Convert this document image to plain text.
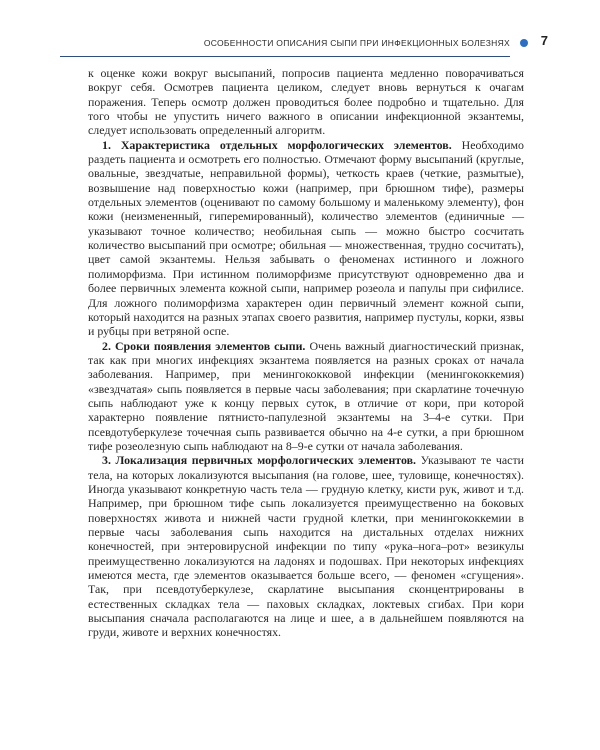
ОСОБЕННОСТИ ОПИСАНИЯ СЫПИ ПРИ ИНФЕКЦИОННЫХ БОЛЕЗНЯХ 7

к оценке кожи вокруг высыпаний, попросив пациента медленно поворачиваться вокруг себя. Осмотрев пациента целиком, следует вновь вернуться к очагам поражения. Теперь осмотр должен проводиться более подробно и тщательно. Для того чтобы не упустить ничего важного в описании инфекционной экзантемы, следует использовать определенный алгоритм.

1. Характеристика отдельных морфологических элементов. Необходимо раздеть пациента и осмотреть его полностью. Отмечают форму высыпаний (круглые, овальные, звездчатые, неправильной формы), четкость краев (четкие, размытые), возвышение над поверхностью кожи (например, при брюшном тифе), размеры отдельных элементов (оценивают по самому большому и маленькому элементу), фон кожи (неизмененный, гиперемированный), количество элементов (единичные — указывают точное количество; необильная сыпь — можно быстро сосчитать количество высыпаний при осмотре; обильная — множественная, трудно сосчитать), цвет самой экзантемы. Нельзя забывать о феноменах истинного и ложного полиморфизма. При истинном полиморфизме присутствуют одновременно два и более первичных элемента кожной сыпи, например розеола и папулы при сифилисе. Для ложного полиморфизма характерен один первичный элемент кожной сыпи, который находится на разных этапах своего развития, например пустулы, корки, язвы и рубцы при ветряной оспе.

2. Сроки появления элементов сыпи. Очень важный диагностический признак, так как при многих инфекциях экзантема появляется на разных сроках от начала заболевания. Например, при менингококковой инфекции (менингококкемия) «звездчатая» сыпь появляется в первые часы заболевания; при скарлатине точечную сыпь наблюдают уже к концу первых суток, в отличие от кори, при которой характерно появление пятнисто-папулезной экзантемы на 3–4-е сутки. При псевдотуберкулезе точечная сыпь развивается обычно на 4-е сутки, а при брюшном тифе розеолезную сыпь наблюдают на 8–9-е сутки от начала заболевания.

3. Локализация первичных морфологических элементов. Указывают те части тела, на которых локализуются высыпания (на голове, шее, туловище, конечностях). Иногда указывают конкретную часть тела — грудную клетку, кисти рук, живот и т.д. Например, при брюшном тифе сыпь локализуется преимущественно на боковых поверхностях живота и нижней части грудной клетки, при менингококкемии в первые часы заболевания сыпь находится на дистальных отделах нижних конечностей, при энтеровирусной инфекции по типу «рука–нога–рот» везикулы преимущественно локализуются на ладонях и подошвах. При некоторых инфекциях имеются места, где элементов оказывается больше всего, — феномен «сгущения». Так, при псевдотуберкулезе, скарлатине высыпания сконцентрированы в естественных складках тела — паховых складках, локтевых сгибах. При кори высыпания сначала располагаются на лице и шее, а в дальнейшем появляются на груди, животе и верхних конечностях.
